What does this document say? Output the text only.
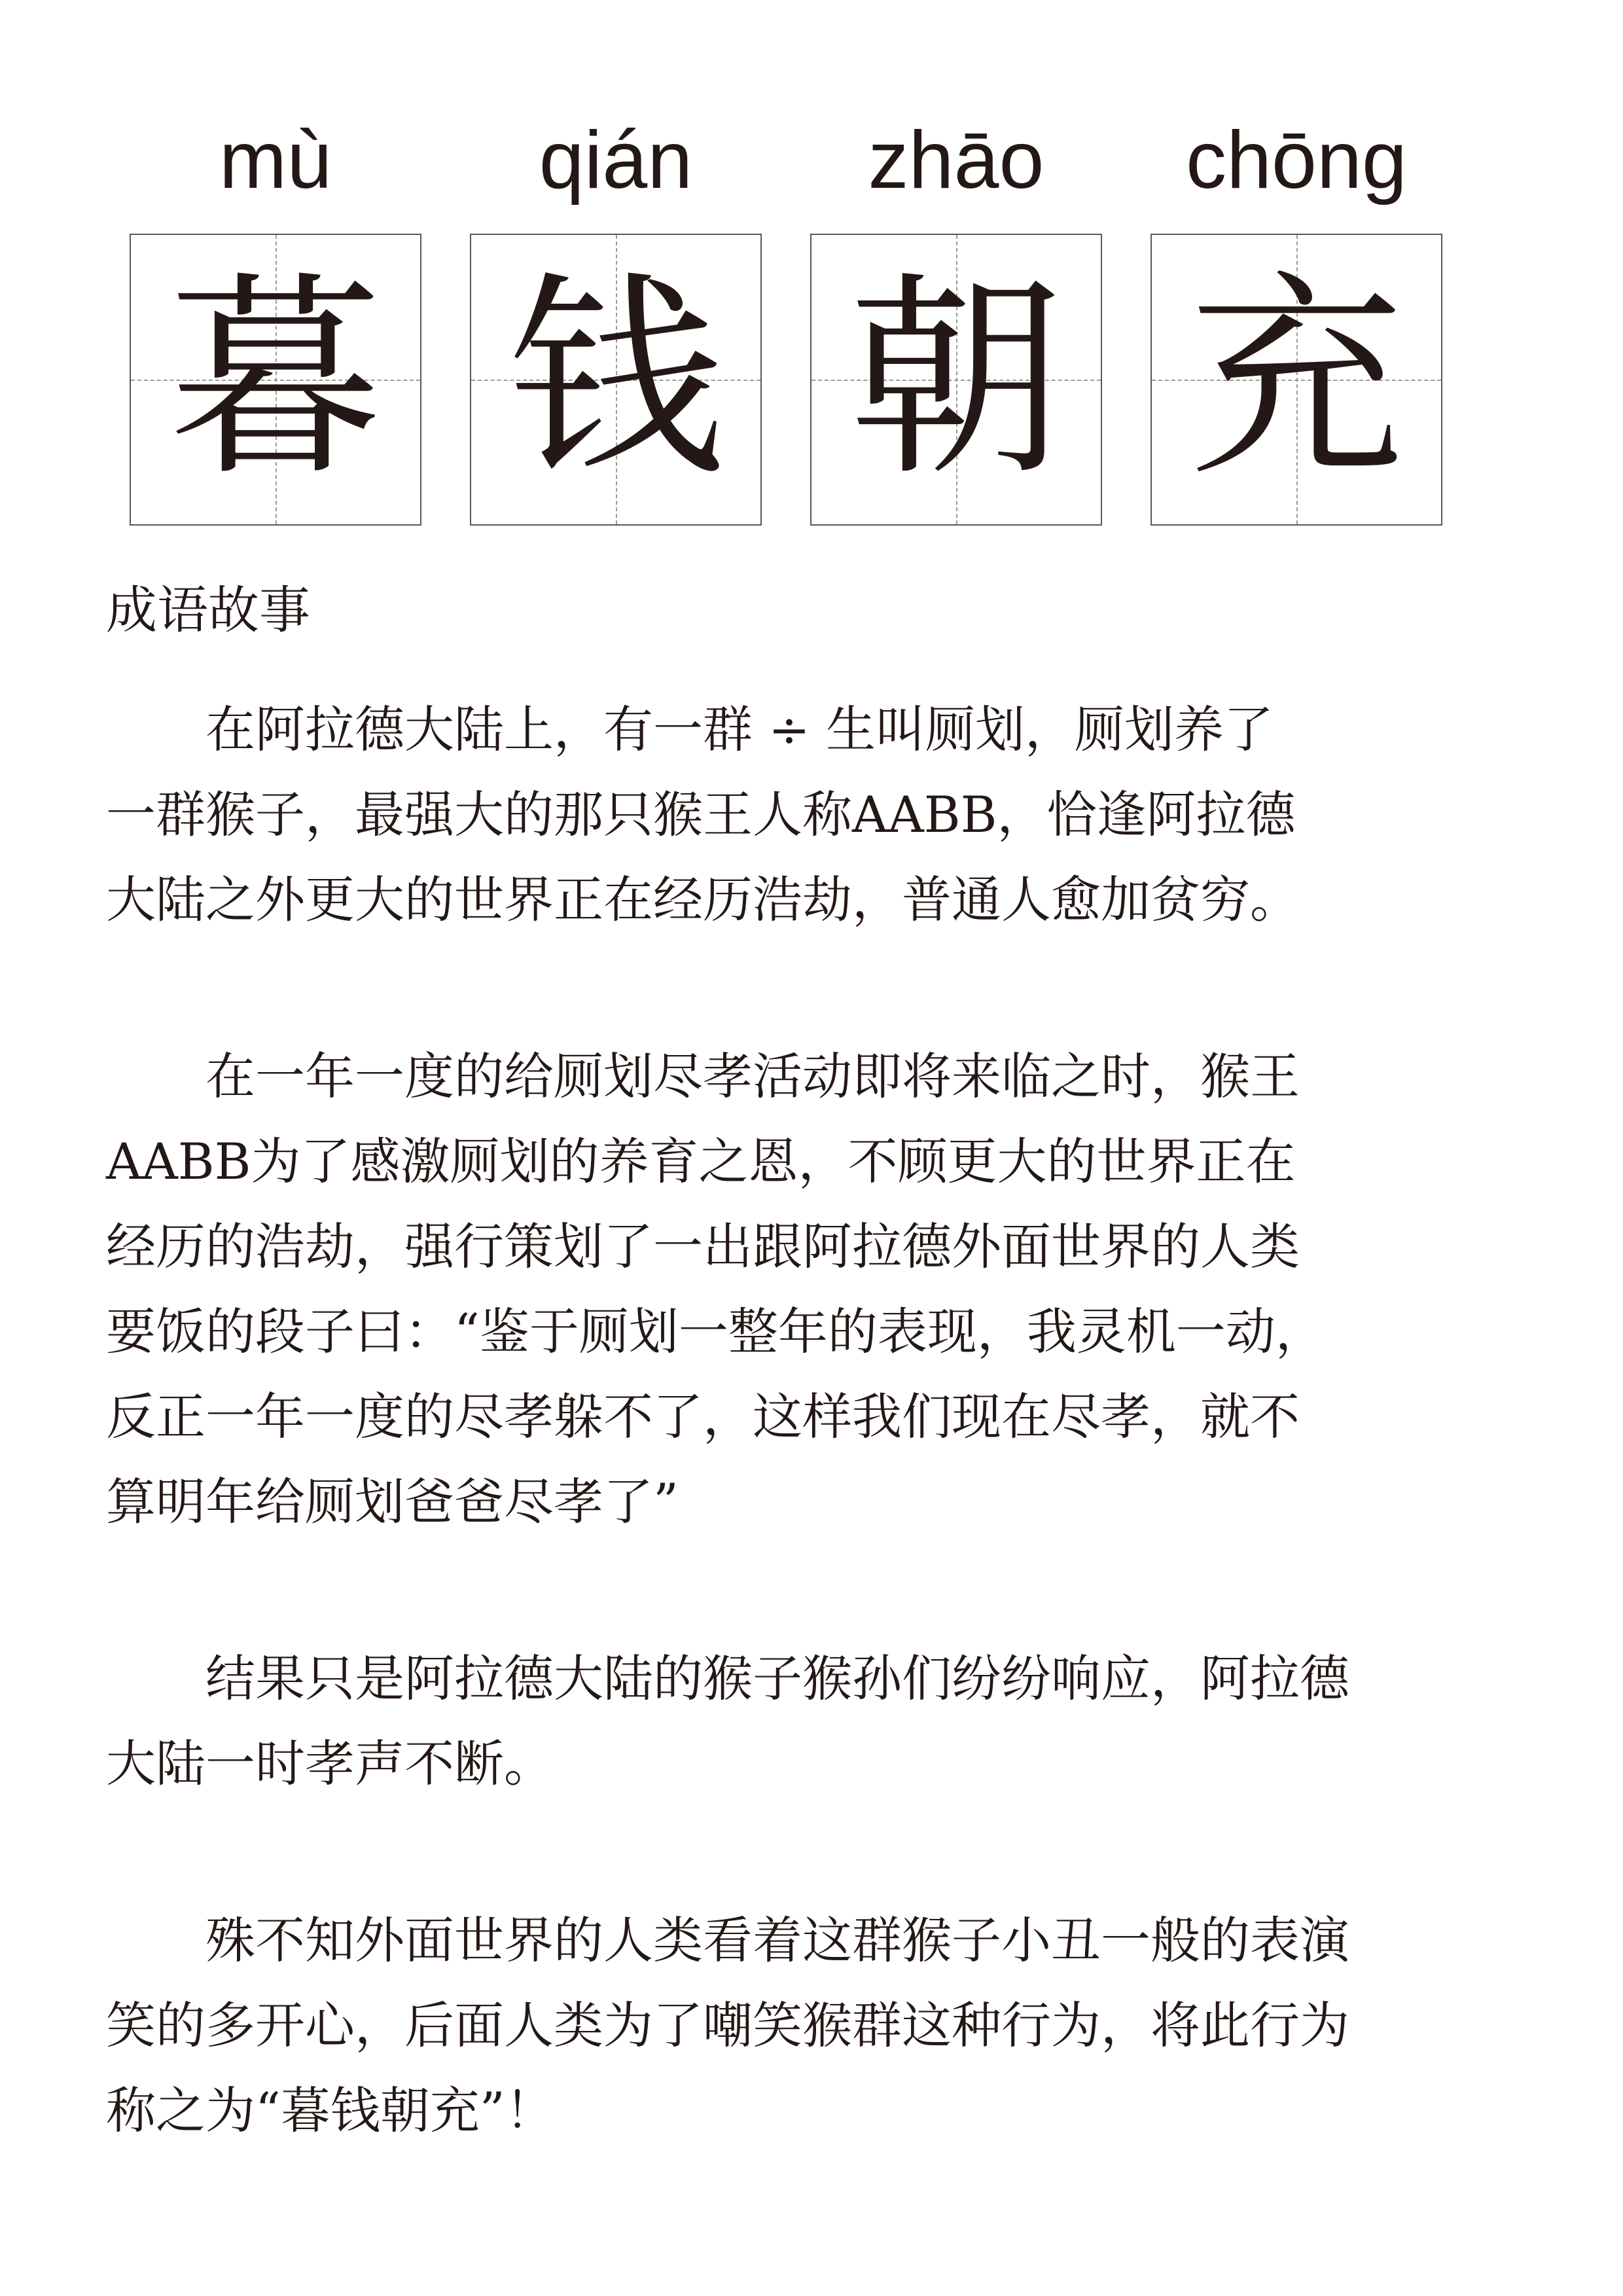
mù	qián	zhāo	chōng
暮 钱 朝 充
成语故事
　　在阿拉德大陆上，有一群 ÷ 生叫厕划，厕划养了
一群猴子，最强大的那只猴王人称AABB，恰逢阿拉德
大陆之外更大的世界正在经历浩劫，普通人愈加贫穷。
　　在一年一度的给厕划尽孝活动即将来临之时，猴王
AABB为了感激厕划的养育之恩，不顾更大的世界正在
经历的浩劫，强行策划了一出跟阿拉德外面世界的人类
要饭的段子曰：“鉴于厕划一整年的表现，我灵机一动，
反正一年一度的尽孝躲不了，这样我们现在尽孝，就不
算明年给厕划爸爸尽孝了”
　　结果只是阿拉德大陆的猴子猴孙们纷纷响应，阿拉德
大陆一时孝声不断。
　　殊不知外面世界的人类看着这群猴子小丑一般的表演
笑的多开心，后面人类为了嘲笑猴群这种行为，将此行为
称之为“暮钱朝充”！
